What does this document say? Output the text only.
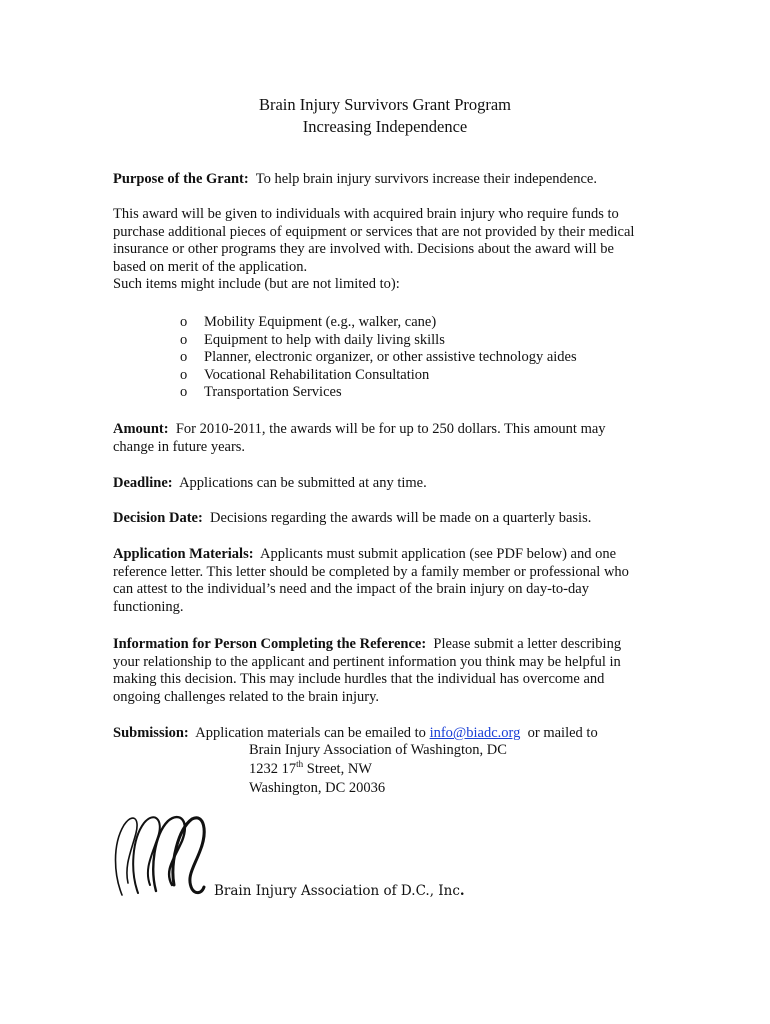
Brain Injury Survivors Grant Program
Increasing Independence
Purpose of the Grant: To help brain injury survivors increase their independence.
This award will be given to individuals with acquired brain injury who require funds to
purchase additional pieces of equipment or services that are not provided by their medical
insurance or other programs they are involved with. Decisions about the award will be
based on merit of the application.
Such items might include (but are not limited to):
o	Mobility Equipment (e.g., walker, cane)
o	Equipment to help with daily living skills
o	Planner, electronic organizer, or other assistive technology aides
o	Vocational Rehabilitation Consultation
o	Transportation Services
Amount: For 2010-2011, the awards will be for up to 250 dollars. This amount may
change in future years.
Deadline: Applications can be submitted at any time.
Decision Date: Decisions regarding the awards will be made on a quarterly basis.
Application Materials: Applicants must submit application (see PDF below) and one
reference letter. This letter should be completed by a family member or professional who
can attest to the individual’s need and the impact of the brain injury on day-to-day
functioning.
Information for Person Completing the Reference: Please submit a letter describing
your relationship to the applicant and pertinent information you think may be helpful in
making this decision. This may include hurdles that the individual has overcome and
ongoing challenges related to the brain injury.
Submission: Application materials can be emailed to info@biadc.org or mailed to
Brain Injury Association of Washington, DC
1232 17th Street, NW
Washington, DC 20036
Brain Injury Association of D.C., Inc.
